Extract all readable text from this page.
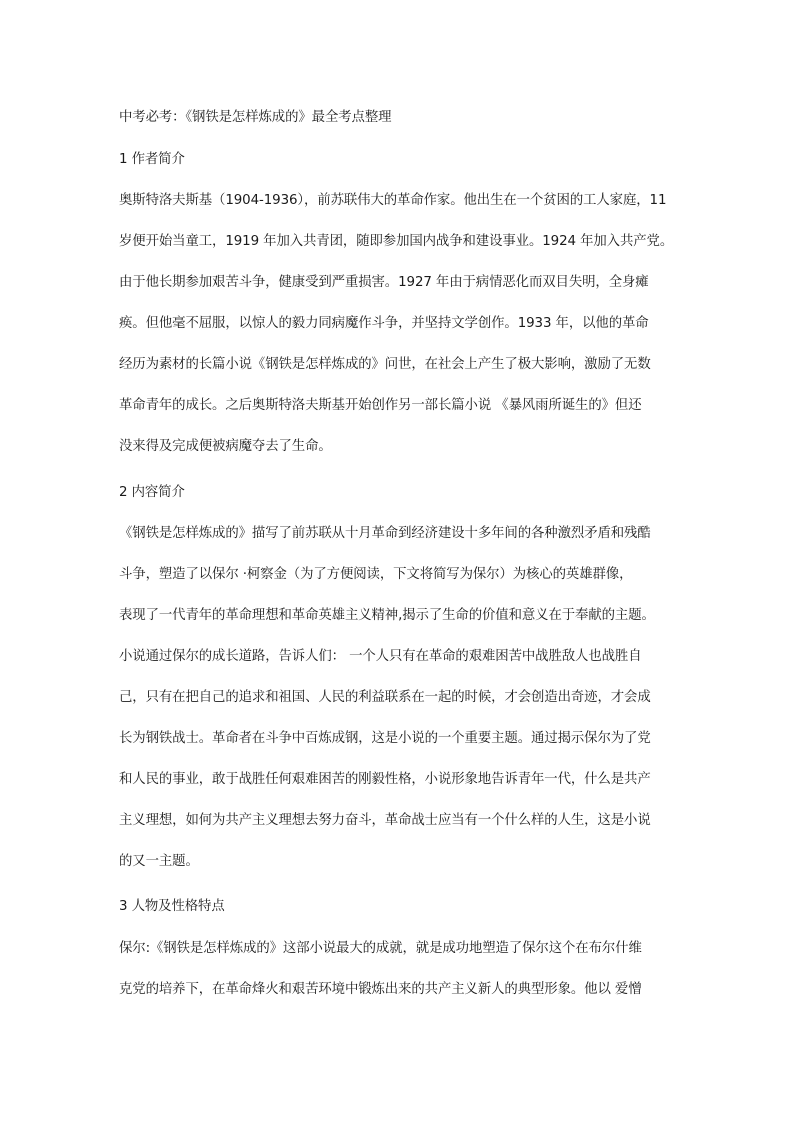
中考必考：《钢铁是怎样炼成的》最全考点整理
1 作者简介
奥斯特洛夫斯基（1904-1936），前苏联伟大的革命作家。他出生在一个贫困的工人家庭，11
岁便开始当童工，1919 年加入共青团，随即参加国内战争和建设事业。1924 年加入共产党。
由于他长期参加艰苦斗争，健康受到严重损害。1927 年由于病情恶化而双目失明，全身瘫
痪。但他毫不屈服，以惊人的毅力同病魔作斗争，并坚持文学创作。1933 年，以他的革命
经历为素材的长篇小说《钢铁是怎样炼成的》问世，在社会上产生了极大影响，激励了无数
革命青年的成长。之后奥斯特洛夫斯基开始创作另一部长篇小说 《暴风雨所诞生的》但还
没来得及完成便被病魔夺去了生命。
2 内容简介
《钢铁是怎样炼成的》描写了前苏联从十月革命到经济建设十多年间的各种激烈矛盾和残酷
斗争，塑造了以保尔 ·柯察金（为了方便阅读，下文将简写为保尔）为核心的英雄群像，
表现了一代青年的革命理想和革命英雄主义精神,揭示了生命的价值和意义在于奉献的主题。
小说通过保尔的成长道路，告诉人们： 一个人只有在革命的艰难困苦中战胜敌人也战胜自
己，只有在把自己的追求和祖国、人民的利益联系在一起的时候，才会创造出奇迹，才会成
长为钢铁战士。革命者在斗争中百炼成钢，这是小说的一个重要主题。通过揭示保尔为了党
和人民的事业，敢于战胜任何艰难困苦的刚毅性格，小说形象地告诉青年一代，什么是共产
主义理想，如何为共产主义理想去努力奋斗，革命战士应当有一个什么样的人生，这是小说
的又一主题。
3 人物及性格特点
保尔:《钢铁是怎样炼成的》这部小说最大的成就，就是成功地塑造了保尔这个在布尔什维
克党的培养下，在革命烽火和艰苦环境中锻炼出来的共产主义新人的典型形象。他以 爱憎
